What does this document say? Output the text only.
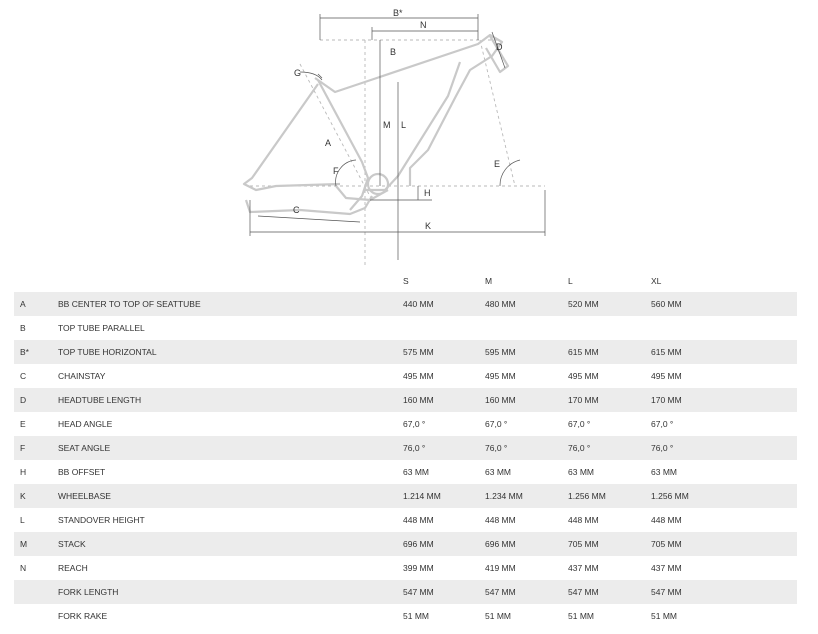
B*
N
B	D
G
M L
A
F
E
H
C
K
		S	M	L	XL
A	BB CENTER TO TOP OF SEATTUBE	440 MM	480 MM	520 MM	560 MM
B	TOP TUBE PARALLEL				
B*	TOP TUBE HORIZONTAL	575 MM	595 MM	615 MM	615 MM
C	CHAINSTAY	495 MM	495 MM	495 MM	495 MM
D	HEADTUBE LENGTH	160 MM	160 MM	170 MM	170 MM
E	HEAD ANGLE	67,0 °	67,0 °	67,0 °	67,0 °
F	SEAT ANGLE	76,0 °	76,0 °	76,0 °	76,0 °
H	BB OFFSET	63 MM	63 MM	63 MM	63 MM
K	WHEELBASE	1.214 MM	1.234 MM	1.256 MM	1.256 MM
L	STANDOVER HEIGHT	448 MM	448 MM	448 MM	448 MM
M	STACK	696 MM	696 MM	705 MM	705 MM
N	REACH	399 MM	419 MM	437 MM	437 MM
	FORK LENGTH	547 MM	547 MM	547 MM	547 MM
	FORK RAKE	51 MM	51 MM	51 MM	51 MM
